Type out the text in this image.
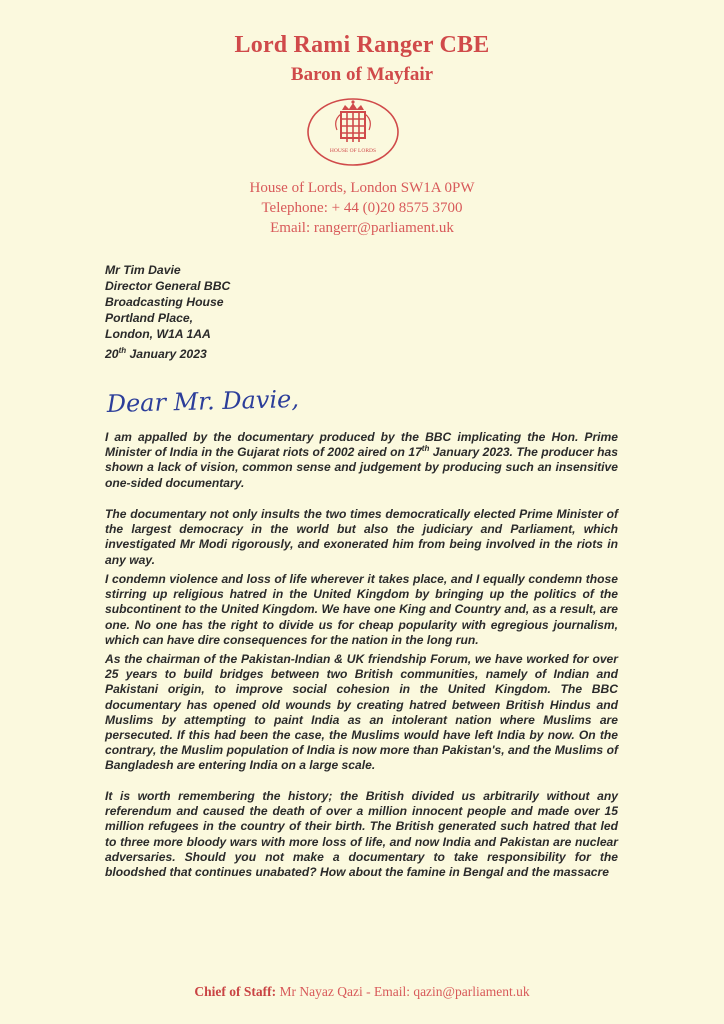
Lord Rami Ranger CBE
Baron of Mayfair
HOUSE OF LORDS
House of Lords, London SW1A 0PW
Telephone: + 44 (0)20 8575 3700
Email: rangerr@parliament.uk
Mr Tim Davie
Director General BBC
Broadcasting House
Portland Place,
London, W1A 1AA
20th January 2023
Dear Mr. Davie,

I am appalled by the documentary produced by the BBC implicating the Hon. Prime Minister of India in the Gujarat riots of 2002 aired on 17th January 2023. The producer has shown a lack of vision, common sense and judgement by producing such an insensitive one-sided documentary.

The documentary not only insults the two times democratically elected Prime Minister of the largest democracy in the world but also the judiciary and Parliament, which investigated Mr Modi rigorously, and exonerated him from being involved in the riots in any way.

I condemn violence and loss of life wherever it takes place, and I equally condemn those stirring up religious hatred in the United Kingdom by bringing up the politics of the subcontinent to the United Kingdom. We have one King and Country and, as a result, are one. No one has the right to divide us for cheap popularity with egregious journalism, which can have dire consequences for the nation in the long run.

As the chairman of the Pakistan-Indian & UK friendship Forum, we have worked for over 25 years to build bridges between two British communities, namely of Indian and Pakistani origin, to improve social cohesion in the United Kingdom. The BBC documentary has opened old wounds by creating hatred between British Hindus and Muslims by attempting to paint India as an intolerant nation where Muslims are persecuted. If this had been the case, the Muslims would have left India by now. On the contrary, the Muslim population of India is now more than Pakistan's, and the Muslims of Bangladesh are entering India on a large scale.

It is worth remembering the history; the British divided us arbitrarily without any referendum and caused the death of over a million innocent people and made over 15 million refugees in the country of their birth. The British generated such hatred that led to three more bloody wars with more loss of life, and now India and Pakistan are nuclear adversaries. Should you not make a documentary to take responsibility for the bloodshed that continues unabated? How about the famine in Bengal and the massacre

Chief of Staff: Mr Nayaz Qazi - Email: qazin@parliament.uk
